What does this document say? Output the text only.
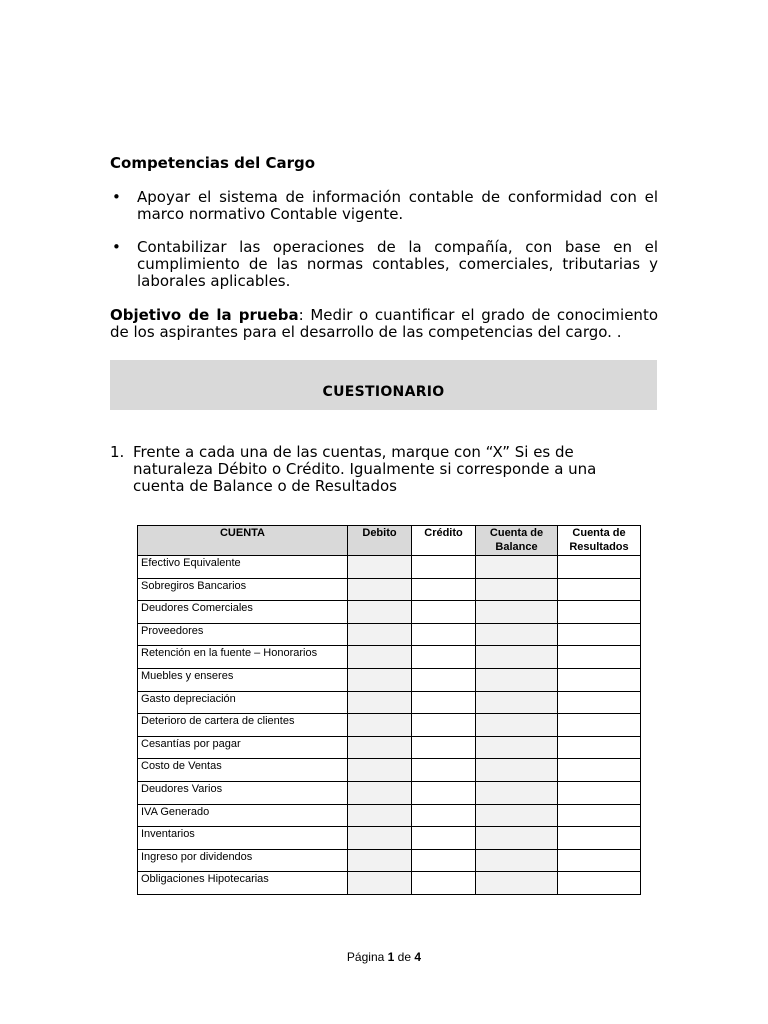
Competencias del Cargo
• Apoyar el sistema de información contable de conformidad con el marco normativo Contable vigente.
• Contabilizar las operaciones de la compañía, con base en el cumplimiento de las normas contables, comerciales, tributarias y laborales aplicables.
Objetivo de la prueba: Medir o cuantificar el grado de conocimiento de los aspirantes para el desarrollo de las competencias del cargo. .
CUESTIONARIO
1. Frente a cada una de las cuentas, marque con “X” Si es de naturaleza Débito o Crédito. Igualmente si corresponde a una cuenta de Balance o de Resultados
CUENTA	Debito	Crédito	Cuenta de Balance	Cuenta de Resultados
Efectivo Equivalente				
Sobregiros Bancarios				
Deudores Comerciales				
Proveedores				
Retención en la fuente – Honorarios				
Muebles y enseres				
Gasto depreciación				
Deterioro de cartera de clientes				
Cesantías por pagar				
Costo de Ventas				
Deudores Varios				
IVA Generado				
Inventarios				
Ingreso por dividendos				
Obligaciones Hipotecarias				
Página 1 de 4
